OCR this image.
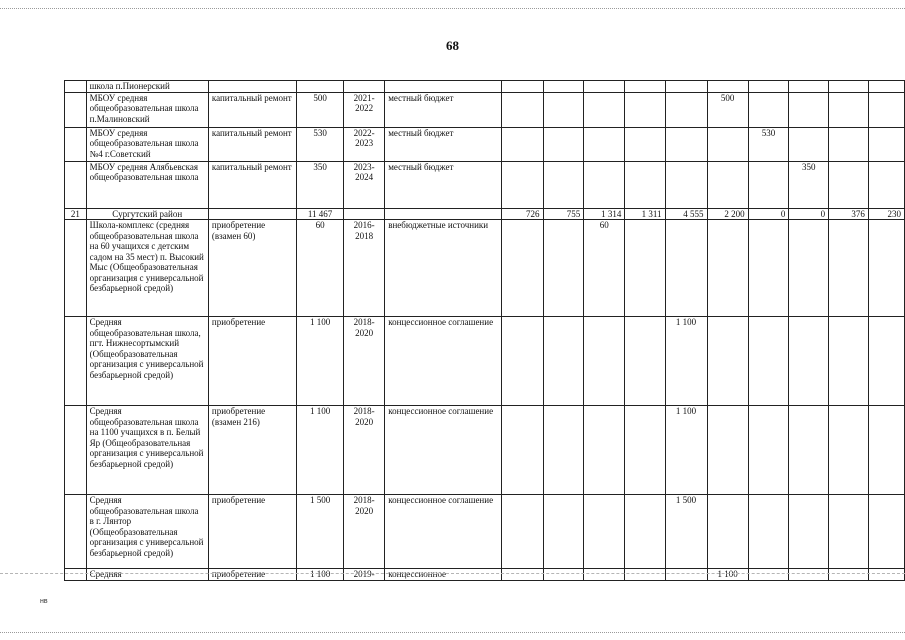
68
	школа п.Пионерский														
	МБОУ средняя общеобразовательная школа п.Малиновский	капитальный ремонт	500	2021-2022	местный бюджет						500				
	МБОУ средняя общеобразовательная школа №4 г.Советский	капитальный ремонт	530	2022-2023	местный бюджет							530			
	МБОУ средняя Алябьевская общеобразовательная школа	капитальный ремонт	350	2023-2024	местный бюджет								350		
21	Сургутский район		11 467			726	755	1 314	1 311	4 555	2 200	0	0	376	230
	Школа-комплекс (средняя общеобразовательная школа на 60 учащихся с детским садом на 35 мест) п. Высокий Мыс (Общеобразовательная организация с универсальной безбарьерной средой)	приобретение (взамен 60)	60	2016-2018	внебюджетные источники			60							
	Средняя общеобразовательная школа, пгт. Нижнесортымский (Общеобразовательная организация с универсальной безбарьерной средой)	приобретение	1 100	2018-2020	концессионное соглашение					1 100					
	Средняя общеобразовательная школа на 1100 учащихся в п. Белый Яр (Общеобразовательная организация с универсальной безбарьерной средой)	приобретение (взамен 216)	1 100	2018-2020	концессионное соглашение					1 100					
	Средняя общеобразовательная школа в г. Лянтор (Общеобразовательная организация с универсальной безбарьерной средой)	приобретение	1 500	2018-2020	концессионное соглашение					1 500					
	Средняя	приобретение	1 100	2019-	концессионное						1 100				
нв
